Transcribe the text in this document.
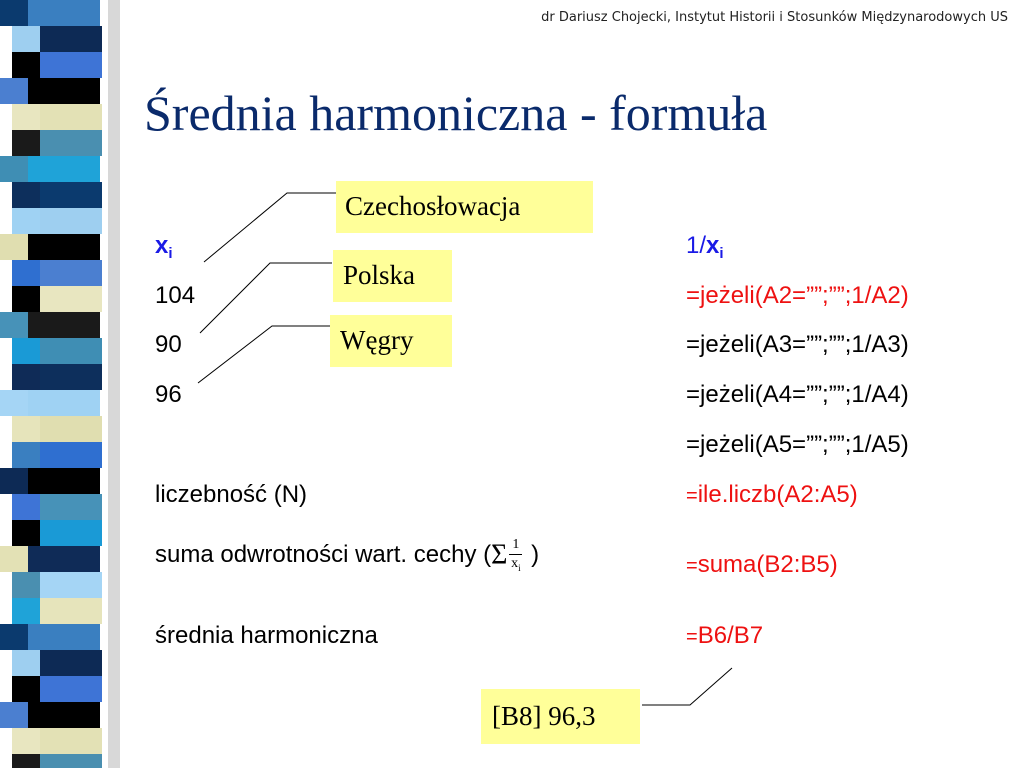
dr Dariusz Chojecki, Instytut Historii i Stosunków Międzynarodowych US
Średnia harmoniczna - formuła
Czechosłowacja
Polska
Węgry
[B8] 96,3
$x_i$
104
90
96
liczebność (N)
suma odwrotności wart. cechy ($\Sigma \frac{1}{x_i}$ )
średnia harmoniczna
$1/x_i$
=jeżeli(A2=””;””;1/A2)
=jeżeli(A3=””;””;1/A3)
=jeżeli(A4=””;””;1/A4)
=jeżeli(A5=””;””;1/A5)
=ile.liczb(A2:A5)
=suma(B2:B5)
=B6/B7
